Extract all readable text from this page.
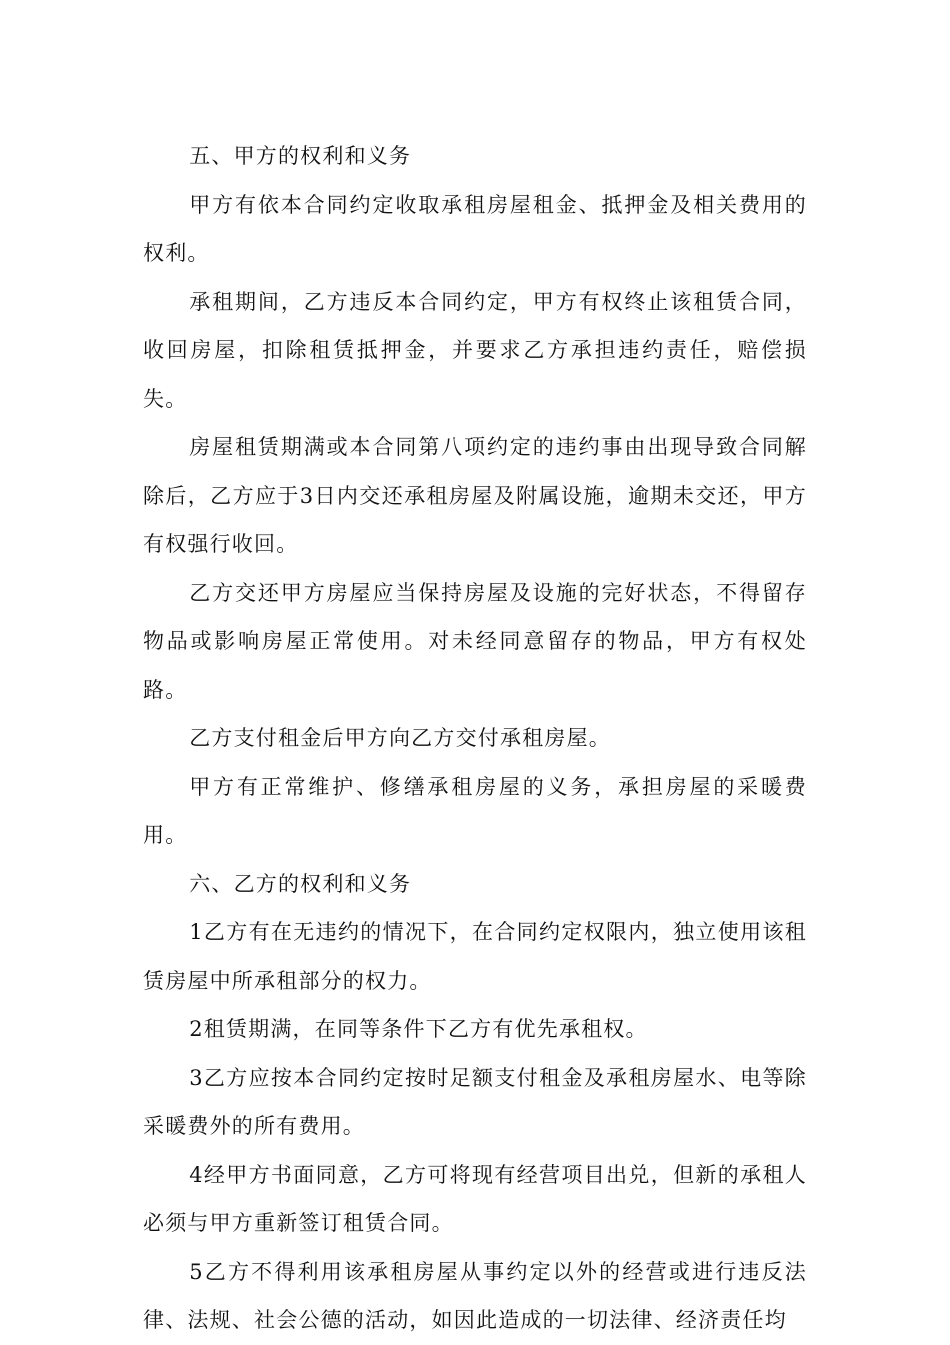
五、甲方的权利和义务

甲方有依本合同约定收取承租房屋租金、抵押金及相关费用的权利。

承租期间，乙方违反本合同约定，甲方有权终止该租赁合同，收回房屋，扣除租赁抵押金，并要求乙方承担违约责任，赔偿损失。

房屋租赁期满或本合同第八项约定的违约事由出现导致合同解除后，乙方应于3日内交还承租房屋及附属设施，逾期未交还，甲方有权强行收回。

乙方交还甲方房屋应当保持房屋及设施的完好状态，不得留存物品或影响房屋正常使用。对未经同意留存的物品，甲方有权处路。

乙方支付租金后甲方向乙方交付承租房屋。

甲方有正常维护、修缮承租房屋的义务，承担房屋的采暖费用。

六、乙方的权利和义务

1乙方有在无违约的情况下，在合同约定权限内，独立使用该租赁房屋中所承租部分的权力。

2租赁期满，在同等条件下乙方有优先承租权。

3乙方应按本合同约定按时足额支付租金及承租房屋水、电等除采暖费外的所有费用。

4经甲方书面同意，乙方可将现有经营项目出兑，但新的承租人必须与甲方重新签订租赁合同。

5乙方不得利用该承租房屋从事约定以外的经营或进行违反法律、法规、社会公德的活动，如因此造成的一切法律、经济责任均
